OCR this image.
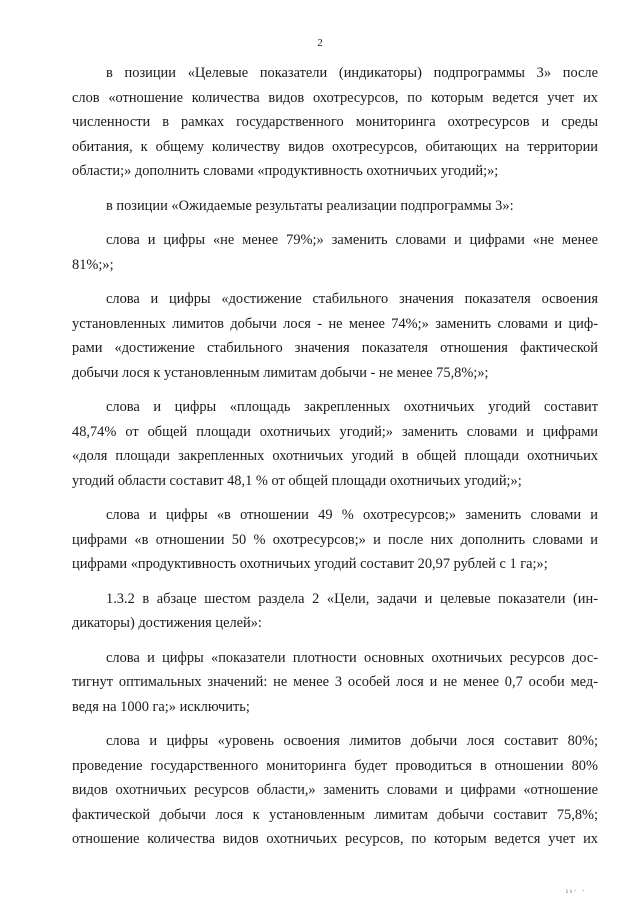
2
в позиции «Целевые показатели (индикаторы) подпрограммы 3» после
слов «отношение количества видов охотресурсов, по которым ведется учет их
численности в рамках государственного мониторинга охотресурсов и среды
обитания, к общему количеству видов охотресурсов, обитающих на территории
области;» дополнить словами «продуктивность охотничьих угодий;»;
в позиции «Ожидаемые результаты реализации подпрограммы 3»:
слова и цифры «не менее 79%;» заменить словами и цифрами «не менее
81%;»;
слова и цифры «достижение стабильного значения показателя освоения
установленных лимитов добычи лося - не менее 74%;» заменить словами и циф-
рами «достижение стабильного значения показателя отношения фактической
добычи лося к установленным лимитам добычи - не менее 75,8%;»;
слова и цифры «площадь закрепленных охотничьих угодий составит
48,74% от общей площади охотничьих угодий;» заменить словами и цифрами
«доля площади закрепленных охотничьих угодий в общей площади охотничьих
угодий области составит 48,1 % от общей площади охотничьих угодий;»;
слова и цифры «в отношении 49 % охотресурсов;» заменить словами и
цифрами «в отношении 50 % охотресурсов;» и после них дополнить словами и
цифрами «продуктивность охотничьих угодий составит 20,97 рублей с 1 га;»;
1.3.2 в абзаце шестом раздела 2 «Цели, задачи и целевые показатели (ин-
дикаторы) достижения целей»:
слова и цифры «показатели плотности основных охотничьих ресурсов дос-
тигнут оптимальных значений: не менее 3 особей лося и не менее 0,7 особи мед-
ведя на 1000 га;» исключить;
слова и цифры «уровень освоения лимитов добычи лося составит 80%;
проведение государственного мониторинга будет проводиться в отношении 80%
видов охотничьих ресурсов области,» заменить словами и цифрами «отношение
фактической добычи лося к установленным лимитам добычи составит 75,8%;
отношение количества видов охотничьих ресурсов, по которым ведется учет их
ıı· ·
